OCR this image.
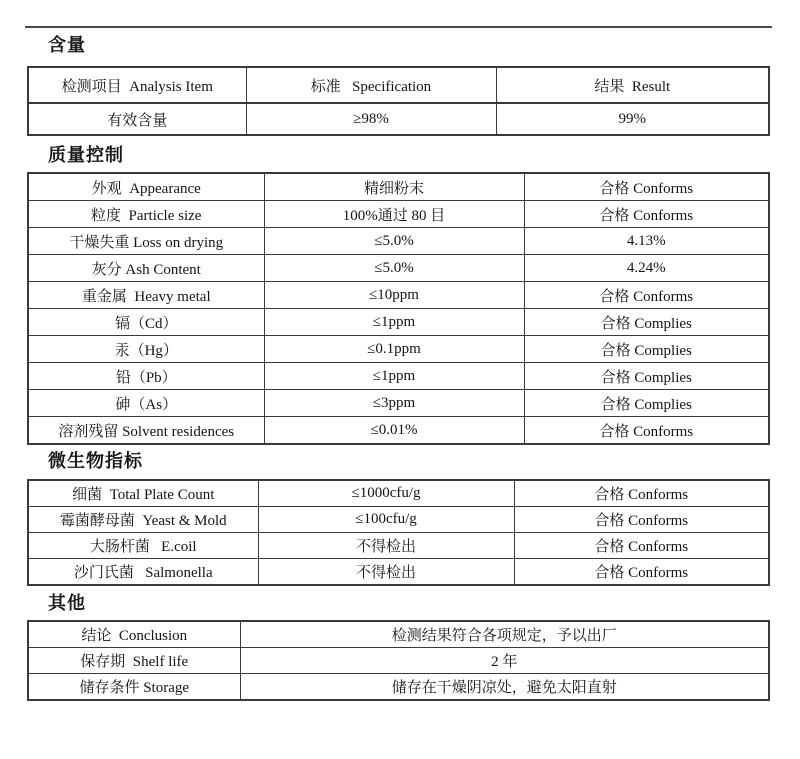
含量
检测项目  Analysis Item	标准   Specification	结果  Result
有效含量	≥98%	99%
质量控制
外观  Appearance	精细粉末	合格 Conforms
粒度  Particle size	100%通过 80 目	合格 Conforms
干燥失重 Loss on drying	≤5.0%	4.13%
灰分 Ash Content	≤5.0%	4.24%
重金属  Heavy metal	≤10ppm	合格 Conforms
镉（Cd）	≤1ppm	合格 Complies
汞（Hg）	≤0.1ppm	合格 Complies
铅（Pb）	≤1ppm	合格 Complies
砷（As）	≤3ppm	合格 Complies
溶剂残留 Solvent residences	≤0.01%	合格 Conforms
微生物指标
细菌  Total Plate Count	≤1000cfu/g	合格 Conforms
霉菌酵母菌  Yeast & Mold	≤100cfu/g	合格 Conforms
大肠杆菌   E.coil	不得检出	合格 Conforms
沙门氏菌   Salmonella	不得检出	合格 Conforms
其他
结论  Conclusion	检测结果符合各项规定，予以出厂
保存期  Shelf life	2 年
储存条件 Storage	储存在干燥阴凉处，避免太阳直射
